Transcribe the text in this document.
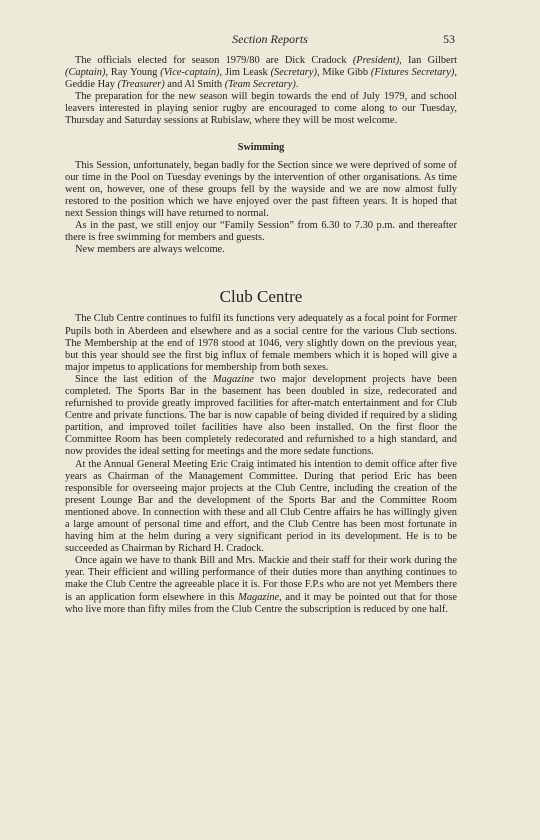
Section Reports	53

The officials elected for season 1979/80 are Dick Cradock (President), Ian Gilbert (Captain), Ray Young (Vice-captain), Jim Leask (Secretary), Mike Gibb (Fixtures Secretary), Geddie Hay (Treasurer) and Al Smith (Team Secretary).

The preparation for the new season will begin towards the end of July 1979, and school leavers interested in playing senior rugby are encouraged to come along to our Tuesday, Thursday and Saturday sessions at Rubislaw, where they will be most welcome.

Swimming

This Session, unfortunately, began badly for the Section since we were deprived of some of our time in the Pool on Tuesday evenings by the intervention of other organisations. As time went on, however, one of these groups fell by the wayside and we are now almost fully restored to the position which we have enjoyed over the past fifteen years. It is hoped that next Session things will have returned to normal.

As in the past, we still enjoy our “Family Session” from 6.30 to 7.30 p.m. and thereafter there is free swimming for members and guests.

New members are always welcome.

Club Centre

The Club Centre continues to fulfil its functions very adequately as a focal point for Former Pupils both in Aberdeen and elsewhere and as a social centre for the various Club sections. The Membership at the end of 1978 stood at 1046, very slightly down on the previous year, but this year should see the first big influx of female members which it is hoped will give a major impetus to applications for membership from both sexes.

Since the last edition of the Magazine two major development projects have been completed. The Sports Bar in the basement has been doubled in size, redecorated and refurnished to provide greatly improved facilities for after-match entertainment and for Club Centre and private functions. The bar is now capable of being divided if required by a sliding partition, and improved toilet facilities have also been installed. On the first floor the Committee Room has been completely redecorated and refurnished to a high standard, and now provides the ideal setting for meetings and the more sedate functions.

At the Annual General Meeting Eric Craig intimated his intention to demit office after five years as Chairman of the Management Committee. During that period Eric has been responsible for overseeing major projects at the Club Centre, including the creation of the present Lounge Bar and the development of the Sports Bar and the Committee Room mentioned above. In connection with these and all Club Centre affairs he has willingly given a large amount of personal time and effort, and the Club Centre has been most fortunate in having him at the helm during a very significant period in its development. He is to be succeeded as Chairman by Richard H. Cradock.

Once again we have to thank Bill and Mrs. Mackie and their staff for their work during the year. Their efficient and willing performance of their duties more than anything continues to make the Club Centre the agreeable place it is. For those F.P.s who are not yet Members there is an application form elsewhere in this Magazine, and it may be pointed out that for those who live more than fifty miles from the Club Centre the subscription is reduced by one half.
